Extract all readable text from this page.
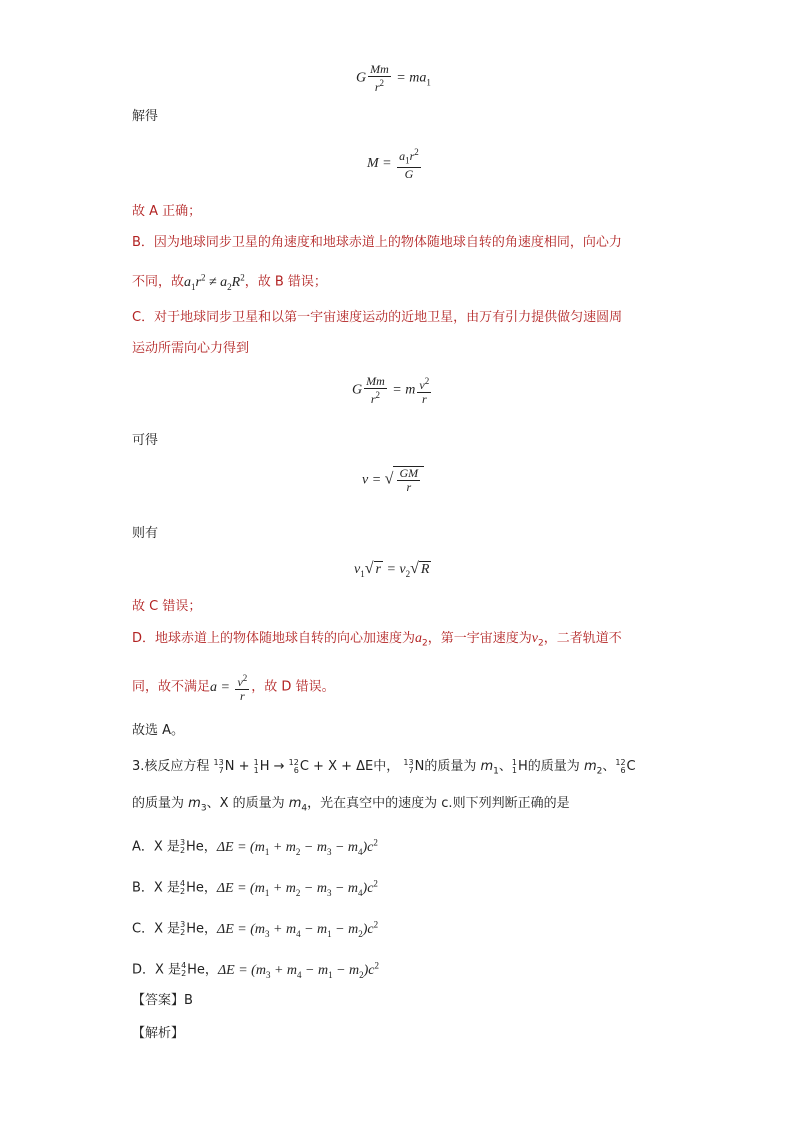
G $\frac{Mm}{r^2} = ma_1$
解得
$M = \frac{a_1r^2}{G}$
故 A 正确；
B．因为地球同步卫星的角速度和地球赤道上的物体随地球自转的角速度相同，向心力
不同，故$a_1r^2 \ne a_2R^2$，故 B 错误；
C．对于地球同步卫星和以第一宇宙速度运动的近地卫星，由万有引力提供做匀速圆周
运动所需向心力得到
G $\frac{Mm}{r^2} = m \frac{v^2}{r}$
可得
v = √ $\frac{GM}{r}$
则有
$v_1√$ $r = v_2√$ R
故 C 错误；
D．地球赤道上的物体随地球自转的向心加速度为$a_2$，第一宇宙速度为$v_2$，二者轨道不
同，故不满足$a = \frac{v^2}{r}$ ，故 D 错误。
故选 A。
3.核反应方程 13
7 N + 1
1 H → 12
6 C + X + ΔE中， 13
7 N的质量为 $m_1$、 1
1 H的质量为 $m_2$、 12
6 C
的质量为 $m_3$、X 的质量为 $m_4$，光在真空中的速度为 c.则下列判断正确的是
A．X 是 3
2 He，$\Delta E = (m_1 + m_2 - m_3 - m_4)c^2$
B．X 是 4
2 He，$\Delta E = (m_1 + m_2 - m_3 - m_4)c^2$
C．X 是 3
2 He，$\Delta E = (m_3 + m_4 - m_1 - m_2)c^2$
D．X 是 4
2 He，$\Delta E = (m_3 + m_4 - m_1 - m_2)c^2$
【答案】B
【解析】
